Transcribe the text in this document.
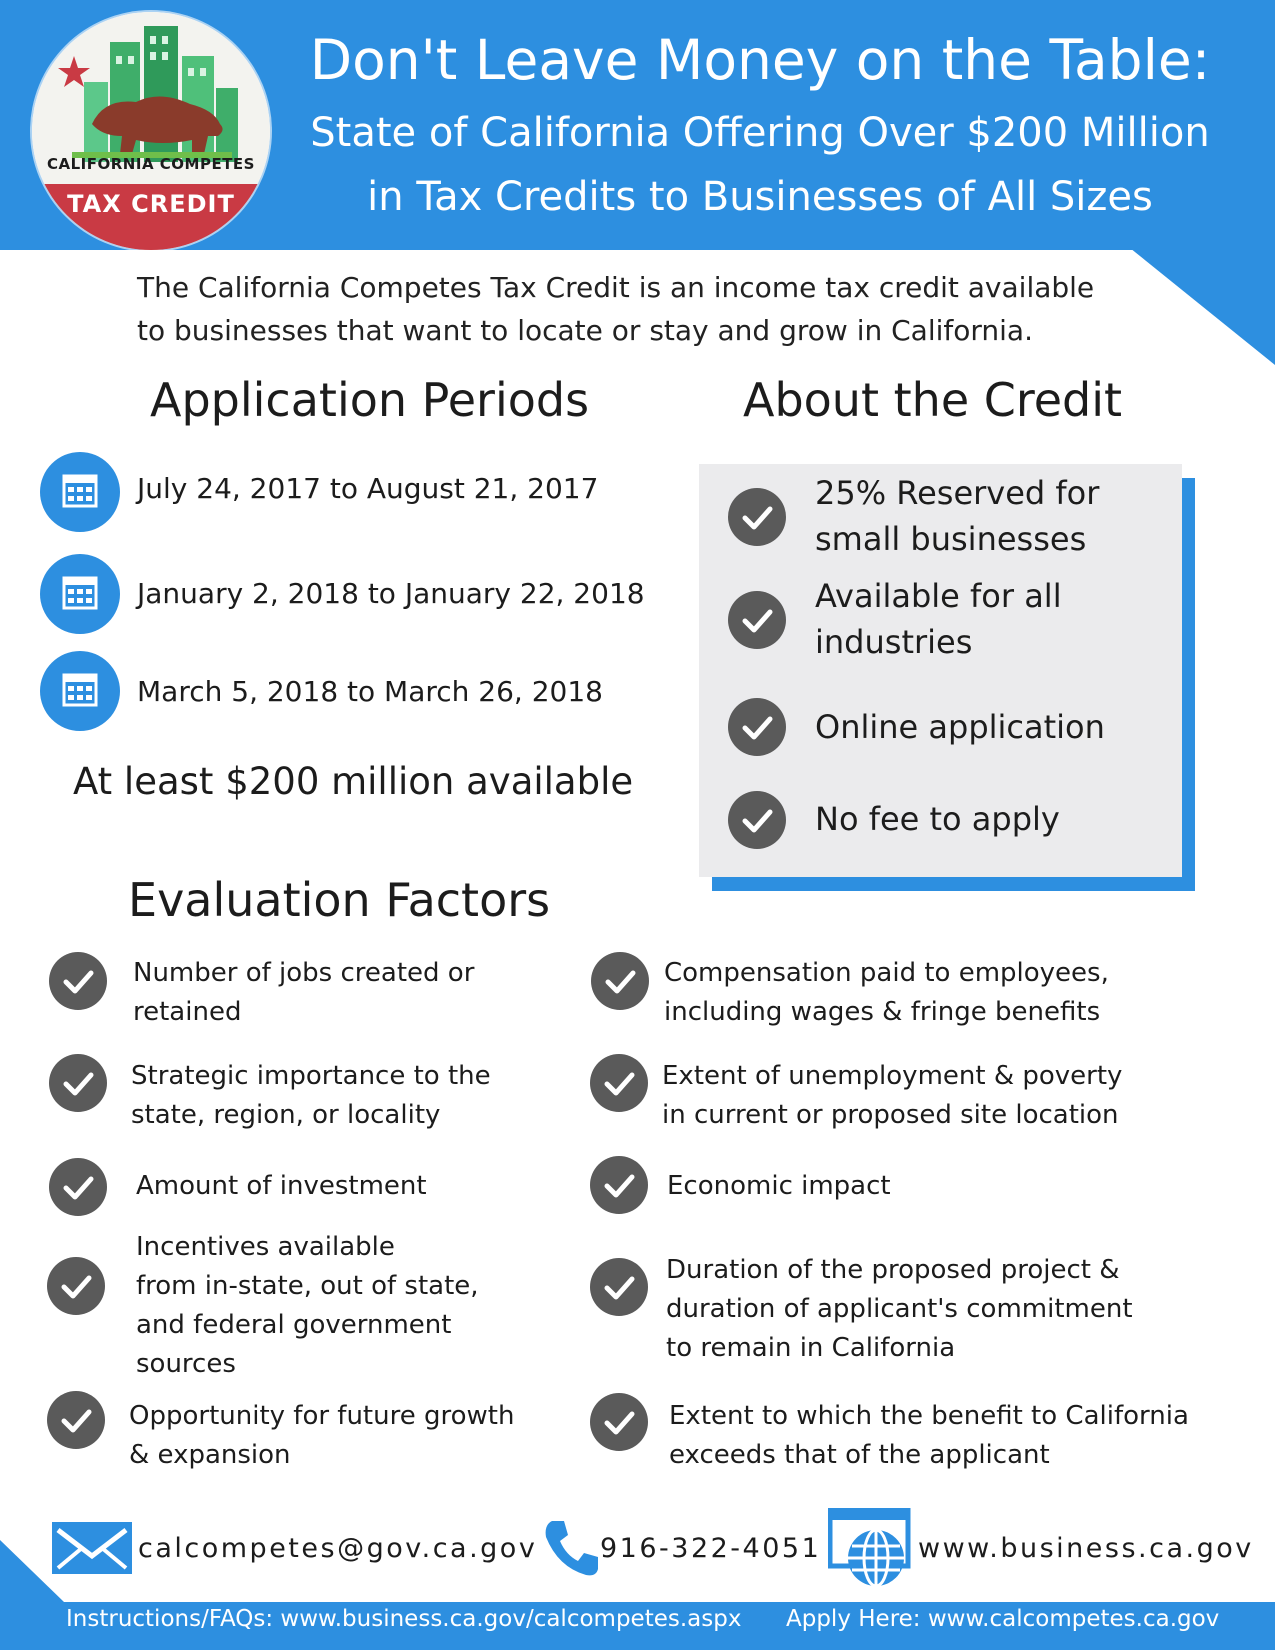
CALIFORNIA COMPETES
TAX CREDIT
Don't Leave Money on the Table:
State of California Offering Over $200 Million
in Tax Credits to Businesses of All Sizes
The California Competes Tax Credit is an income tax credit available
to businesses that want to locate or stay and grow in California.
Application Periods
July 24, 2017 to August 21, 2017
January 2, 2018 to January 22, 2018
March 5, 2018 to March 26, 2018
At least $200 million available
About the Credit
25% Reserved for
small businesses
Available for all
industries
Online application
No fee to apply
Evaluation Factors
Number of jobs created or
retained
Strategic importance to the
state, region, or locality
Amount of investment
Incentives available
from in-state, out of state,
and federal government
sources
Opportunity for future growth
& expansion
Compensation paid to employees,
including wages & fringe benefits
Extent of unemployment & poverty
in current or proposed site location
Economic impact
Duration of the proposed project &
duration of applicant's commitment
to remain in California
Extent to which the benefit to California
exceeds that of the applicant
calcompetes@gov.ca.gov 916-322-4051	www.business.ca.gov
Instructions/FAQs: www.business.ca.gov/calcompetes.aspx Apply Here: www.calcompetes.ca.gov
